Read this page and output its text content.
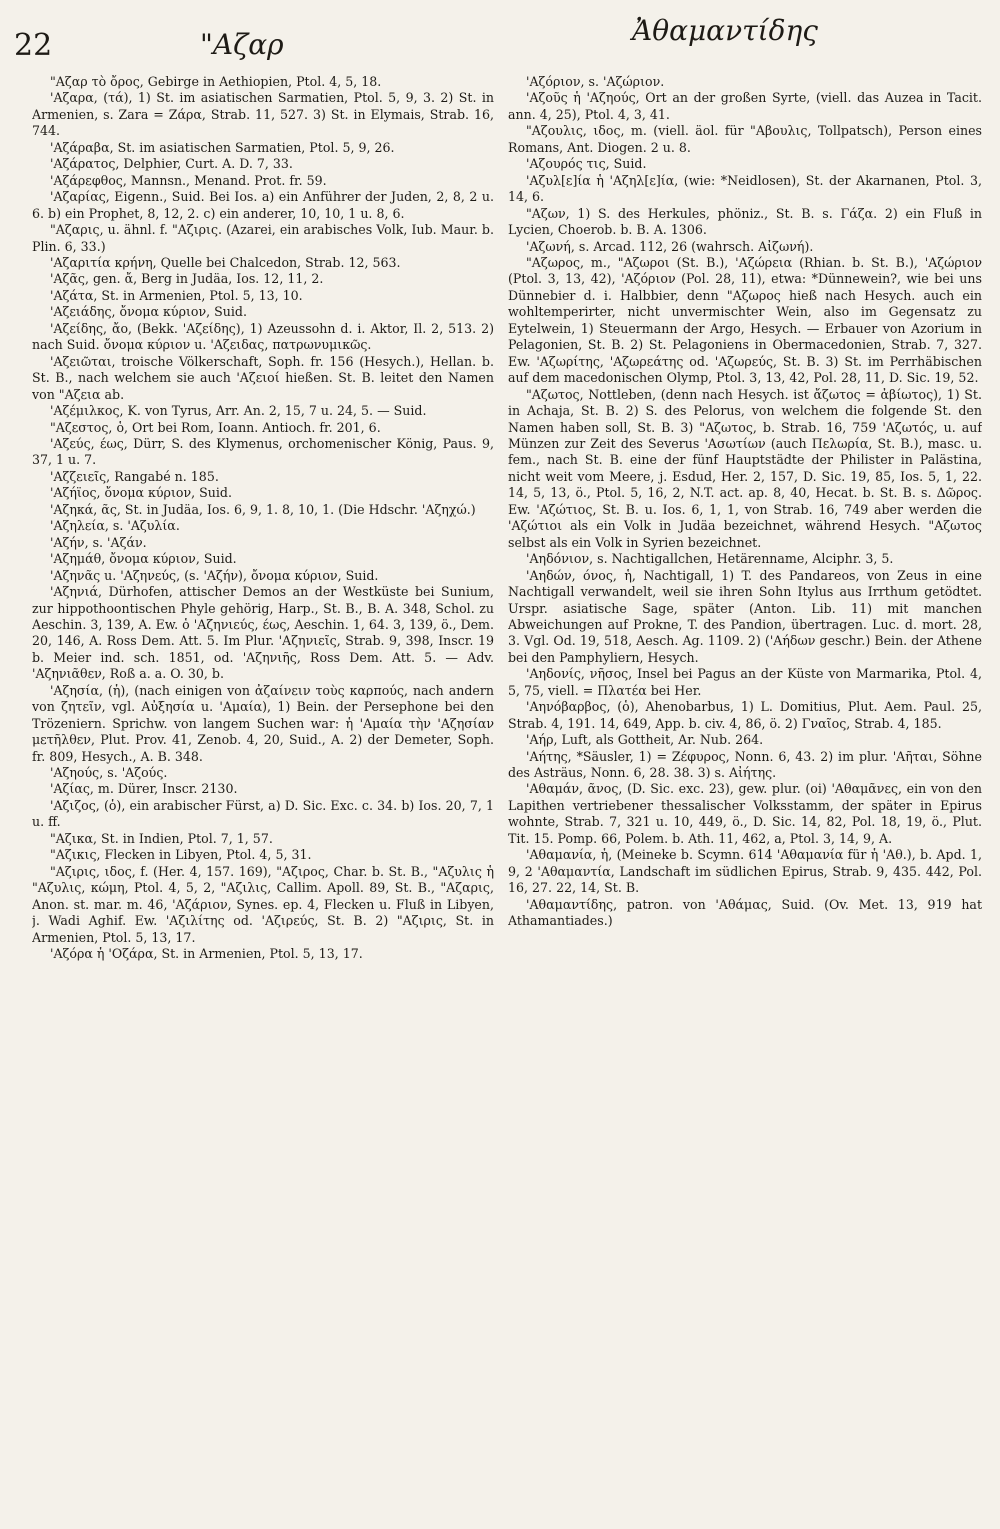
22	"Αζαρ	Ἀθαμαντίδης

"Αζαρ τὸ ὄρος, Gebirge in Aethiopien, Ptol. 4, 5, 18.

'Αζαρα, (τά), 1) St. im asiatischen Sarmatien, Ptol. 5, 9, 3. 2) St. in Armenien, s. Zara = Ζάρα, Strab. 11, 527. 3) St. in Elymais, Strab. 16, 744.

'Αζάραβα, St. im asiatischen Sarmatien, Ptol. 5, 9, 26.

'Αζάρατος, Delphier, Curt. A. D. 7, 33.

'Αζάρεφθος, Mannsn., Menand. Prot. fr. 59.

'Αζαρίας, Eigenn., Suid. Bei Ios. a) ein Anführer der Juden, 2, 8, 2 u. 6. b) ein Prophet, 8, 12, 2. c) ein anderer, 10, 10, 1 u. 8, 6.

"Αζαρις, u. ähnl. f. "Αζιρις. (Azarei, ein arabisches Volk, Iub. Maur. b. Plin. 6, 33.)

'Αζαριτία κρήνη, Quelle bei Chalcedon, Strab. 12, 563.

'Αζᾶς, gen. ἄ, Berg in Judäa, Ios. 12, 11, 2.

'Αζάτα, St. in Armenien, Ptol. 5, 13, 10.

'Αζειάδης, ὄνομα κύριον, Suid.

'Αζείδης, ἄο, (Bekk. 'Αζείδης), 1) Azeussohn d. i. Aktor, Il. 2, 513. 2) nach Suid. ὄνομα κύριον u. 'Αζειδας, πατρωνυμικῶς.

'Αζειῶται, troische Völkerschaft, Soph. fr. 156 (Hesych.), Hellan. b. St. B., nach welchem sie auch 'Αζειοί hießen. St. B. leitet den Namen von "Αζεια ab.

'Αζέμιλκος, K. von Tyrus, Arr. An. 2, 15, 7 u. 24, 5. — Suid.

"Αζεστος, ὁ, Ort bei Rom, Ioann. Antioch. fr. 201, 6.

'Αζεύς, έως, Dürr, S. des Klymenus, orchomenischer König, Paus. 9, 37, 1 u. 7.

'Αζζειεῖς, Rangabé n. 185.

'Αζήϊος, ὄνομα κύριον, Suid.

'Αζηκά, ᾶς, St. in Judäa, Ios. 6, 9, 1. 8, 10, 1. (Die Hdschr. 'Αζηχώ.)

'Αζηλεία, s. 'Αζυλία.

'Αζήν, s. 'Αζάν.

'Αζημάθ, ὄνομα κύριον, Suid.

'Αζηνᾶς u. 'Αζηνεύς, (s. 'Αζήν), ὄνομα κύριον, Suid.

'Αζηνιά, Dürhofen, attischer Demos an der Westküste bei Sunium, zur hippothoontischen Phyle gehörig, Harp., St. B., B. A. 348, Schol. zu Aeschin. 3, 139, A. Ew. ὁ 'Αζηνιεύς, έως, Aeschin. 1, 64. 3, 139, ö., Dem. 20, 146, A. Ross Dem. Att. 5. Im Plur. 'Αζηνιεῖς, Strab. 9, 398, Inscr. 19 b. Meier ind. sch. 1851, od. 'Αζηνιῆς, Ross Dem. Att. 5. — Adv. 'Αζηνιᾶθεν, Roß a. a. O. 30, b.

'Αζησία, (ἡ), (nach einigen von ἀζαίνειν τοὺς καρπούς, nach andern von ζητεῖν, vgl. Αὐξησία u. 'Αμαία), 1) Bein. der Persephone bei den Trözeniern. Sprichw. von langem Suchen war: ἡ 'Αμαία τὴν 'Αζησίαν μετῆλθεν, Plut. Prov. 41, Zenob. 4, 20, Suid., A. 2) der Demeter, Soph. fr. 809, Hesych., A. B. 348.

'Αζηούς, s. 'Αζούς.

'Αζίας, m. Dürer, Inscr. 2130.

'Αζιζος, (ὁ), ein arabischer Fürst, a) D. Sic. Exc. c. 34. b) Ios. 20, 7, 1 u. ff.

"Αζικα, St. in Indien, Ptol. 7, 1, 57.

"Αζικις, Flecken in Libyen, Ptol. 4, 5, 31.

"Αζιρις, ιδος, f. (Her. 4, 157. 169), "Αζιρος, Char. b. St. B., "Αζυλις ἡ "Αζυλις, κώμη, Ptol. 4, 5, 2, "Αζιλις, Callim. Apoll. 89, St. B., "Αζαρις, Anon. st. mar. m. 46, 'Αζάριον, Synes. ep. 4, Flecken u. Fluß in Libyen, j. Wadi Aghif. Ew. 'Αζιλίτης od. 'Αζιρεύς, St. B. 2) "Αζιρις, St. in Armenien, Ptol. 5, 13, 17.

'Αζόρα ἡ 'Οζάρα, St. in Armenien, Ptol. 5, 13, 17.

'Αζόριον, s. 'Αζώριον.

'Αζοῦς ἡ 'Αζηούς, Ort an der großen Syrte, (viell. das Auzea in Tacit. ann. 4, 25), Ptol. 4, 3, 41.

"Αζουλις, ιδος, m. (viell. äol. für "Αβουλις, Tollpatsch), Person eines Romans, Ant. Diogen. 2 u. 8.

'Αζουρός τις, Suid.

'Αζυλ[ε]ία ἡ 'Αζηλ[ε]ία, (wie: *Neidlosen), St. der Akarnanen, Ptol. 3, 14, 6.

"Αζων, 1) S. des Herkules, phöniz., St. B. s. Γάζα. 2) ein Fluß in Lycien, Choerob. b. B. A. 1306.

'Αζωνή, s. Arcad. 112, 26 (wahrsch. Αἰζωνή).

"Αζωρος, m., "Αζωροι (St. B.), 'Αζώρεια (Rhian. b. St. B.), 'Αζώριον (Ptol. 3, 13, 42), 'Αζόριον (Pol. 28, 11), etwa: *Dünnewein?, wie bei uns Dünnebier d. i. Halbbier, denn "Αζωρος hieß nach Hesych. auch ein wohltemperirter, nicht unvermischter Wein, also im Gegensatz zu Eytelwein, 1) Steuermann der Argo, Hesych. — Erbauer von Azorium in Pelagonien, St. B. 2) St. Pelagoniens in Obermacedonien, Strab. 7, 327. Ew. 'Αζωρίτης, 'Αζωρεάτης od. 'Αζωρεύς, St. B. 3) St. im Perrhäbischen auf dem macedonischen Olymp, Ptol. 3, 13, 42, Pol. 28, 11, D. Sic. 19, 52.

"Αζωτος, Nottleben, (denn nach Hesych. ist ἄζωτος = ἀβίωτος), 1) St. in Achaja, St. B. 2) S. des Pelorus, von welchem die folgende St. den Namen haben soll, St. B. 3) "Αζωτος, b. Strab. 16, 759 'Αζωτός, u. auf Münzen zur Zeit des Severus 'Ασωτίων (auch Πελωρία, St. B.), masc. u. fem., nach St. B. eine der fünf Hauptstädte der Philister in Palästina, nicht weit vom Meere, j. Esdud, Her. 2, 157, D. Sic. 19, 85, Ios. 5, 1, 22. 14, 5, 13, ö., Ptol. 5, 16, 2, N.T. act. ap. 8, 40, Hecat. b. St. B. s. Δῶρος. Ew. 'Αζώτιος, St. B. u. Ios. 6, 1, 1, von Strab. 16, 749 aber werden die 'Αζώτιοι als ein Volk in Judäa bezeichnet, während Hesych. "Αζωτος selbst als ein Volk in Syrien bezeichnet.

'Αηδόνιον, s. Nachtigallchen, Hetärenname, Alciphr. 3, 5.

'Αηδών, όνος, ἡ, Nachtigall, 1) T. des Pandareos, von Zeus in eine Nachtigall verwandelt, weil sie ihren Sohn Itylus aus Irrthum getödtet. Urspr. asiatische Sage, später (Anton. Lib. 11) mit manchen Abweichungen auf Prokne, T. des Pandion, übertragen. Luc. d. mort. 28, 3. Vgl. Od. 19, 518, Aesch. Ag. 1109. 2) ('Αήδων geschr.) Bein. der Athene bei den Pamphyliern, Hesych.

'Αηδονίς, νῆσος, Insel bei Pagus an der Küste von Marmarika, Ptol. 4, 5, 75, viell. = Πλατέα bei Her.

'Αηνόβαρβος, (ὁ), Ahenobarbus, 1) L. Domitius, Plut. Aem. Paul. 25, Strab. 4, 191. 14, 649, App. b. civ. 4, 86, ö. 2) Γναῖος, Strab. 4, 185.

'Αήρ, Luft, als Gottheit, Ar. Nub. 264.

'Αήτης, *Säusler, 1) = Ζέφυρος, Nonn. 6, 43. 2) im plur. 'Αῆται, Söhne des Asträus, Nonn. 6, 28. 38. 3) s. Αἰήτης.

'Αθαμάν, ᾶνος, (D. Sic. exc. 23), gew. plur. (oi) 'Αθαμᾶνες, ein von den Lapithen vertriebener thessalischer Volksstamm, der später in Epirus wohnte, Strab. 7, 321 u. 10, 449, ö., D. Sic. 14, 82, Pol. 18, 19, ö., Plut. Tit. 15. Pomp. 66, Polem. b. Ath. 11, 462, a, Ptol. 3, 14, 9, A.

'Αθαμανία, ἡ, (Meineke b. Scymn. 614 'Αθαμανία für ἡ 'Αθ.), b. Apd. 1, 9, 2 'Αθαμαντία, Landschaft im südlichen Epirus, Strab. 9, 435. 442, Pol. 16, 27. 22, 14, St. B.

'Αθαμαντίδης, patron. von 'Αθάμας, Suid. (Ov. Met. 13, 919 hat Athamantiades.)
